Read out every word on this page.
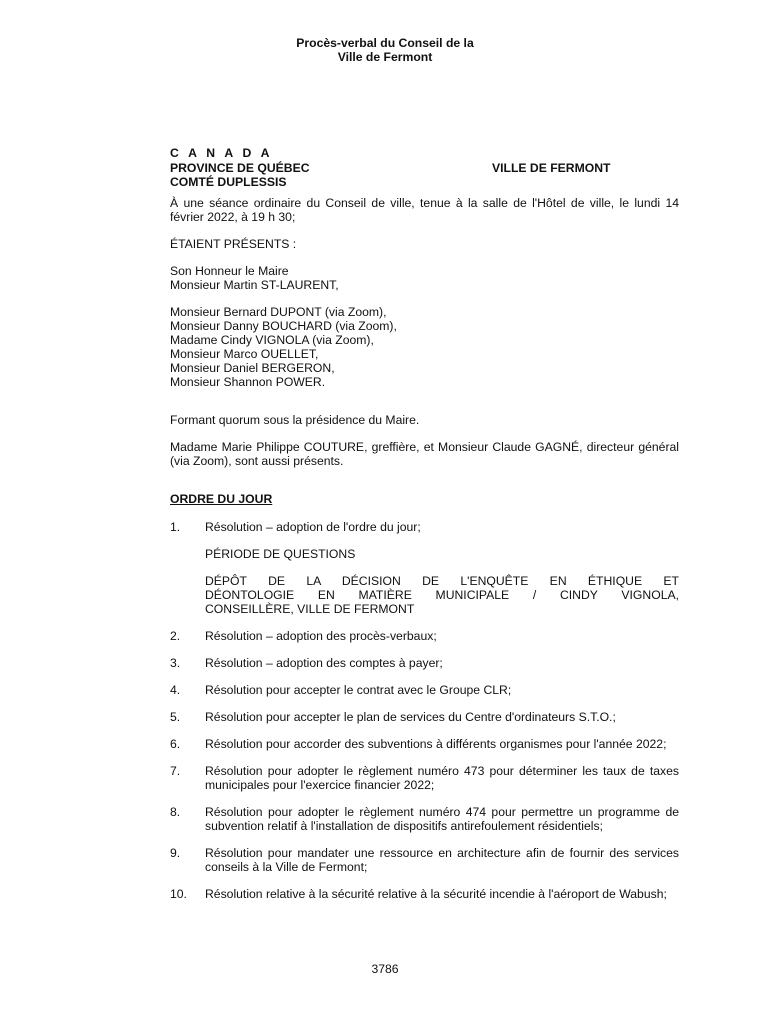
Procès-verbal du Conseil de la
Ville de Fermont
C A N A D A
PROVINCE DE QUÉBEC	VILLE DE FERMONT
COMTÉ DUPLESSIS

À une séance ordinaire du Conseil de ville, tenue à la salle de l'Hôtel de ville, le lundi 14 février 2022, à 19 h 30;

ÉTAIENT PRÉSENTS :

Son Honneur le Maire
Monsieur Martin ST-LAURENT,
Monsieur Bernard DUPONT (via Zoom),
Monsieur Danny BOUCHARD (via Zoom),
Madame Cindy VIGNOLA (via Zoom),
Monsieur Marco OUELLET,
Monsieur Daniel BERGERON,
Monsieur Shannon POWER.

Formant quorum sous la présidence du Maire.

Madame Marie Philippe COUTURE, greffière, et Monsieur Claude GAGNÉ, directeur général (via Zoom), sont aussi présents.

ORDRE DU JOUR
1.	Résolution – adoption de l'ordre du jour;
PÉRIODE DE QUESTIONS
DÉPÔT DE LA DÉCISION DE L'ENQUÊTE EN ÉTHIQUE ET
DÉONTOLOGIE EN MATIÈRE MUNICIPALE / CINDY VIGNOLA,
CONSEILLÈRE, VILLE DE FERMONT
2.	Résolution – adoption des procès-verbaux;
3.	Résolution – adoption des comptes à payer;
4.	Résolution pour accepter le contrat avec le Groupe CLR;
5.	Résolution pour accepter le plan de services du Centre d'ordinateurs S.T.O.;
6.	Résolution pour accorder des subventions à différents organismes pour l'année 2022;
7.	Résolution pour adopter le règlement numéro 473 pour déterminer les taux de taxes municipales pour l'exercice financier 2022;
8.	Résolution pour adopter le règlement numéro 474 pour permettre un programme de subvention relatif à l'installation de dispositifs antirefoulement résidentiels;
9.	Résolution pour mandater une ressource en architecture afin de fournir des services conseils à la Ville de Fermont;
10.	Résolution relative à la sécurité relative à la sécurité incendie à l'aéroport de Wabush;
3786
